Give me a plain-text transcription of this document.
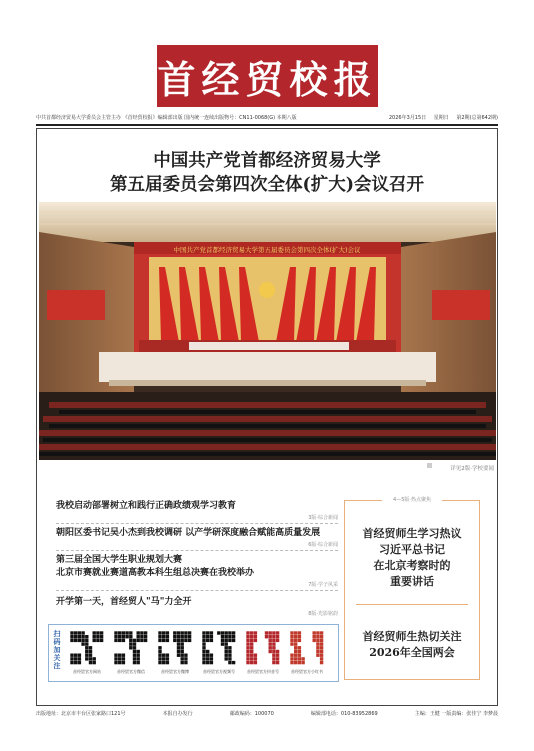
首经贸校报
中共首都经济贸易大学委员会主管主办 《首经贸校报》编辑部出版 国内统一连续出版物号：CN11-0068(G) 本期八版	2026年3月15日 星期日 第2期(总第642期)
中国共产党首都经济贸易大学
第五届委员会第四次全体(扩大)会议召开
中国共产党首都经济贸易大学第五届委员会第四次全体(扩大)会议
详见2版·学校要闻
我校启动部署树立和践行正确政绩观学习教育
3版·综合新闻
朝阳区委书记吴小杰到我校调研 以产学研深度融合赋能高质量发展
6版·综合新闻
第三届全国大学生职业规划大赛
北京市赛就业赛道高教本科生组总决赛在我校举办
7版·学子风采
开学第一天，首经贸人"马"力全开
8版·光影铭韵
4—5版·热点聚焦
首经贸师生学习热议
习近平总书记
在北京考察时的
重要讲话
首经贸师生热切关注
2026年全国两会
扫码加关注
首经贸官方网站	首经贸官方微信	首经贸官方微博	首经贸官方视频号	首经贸官方抖音号	首经贸官方小红书
出版地址：北京市丰台区张家路口121号	本报自办发行	邮政编码：100070	编辑部电话：010-83952869	主编：王健 一版责编：张佳宁 李梦晨
